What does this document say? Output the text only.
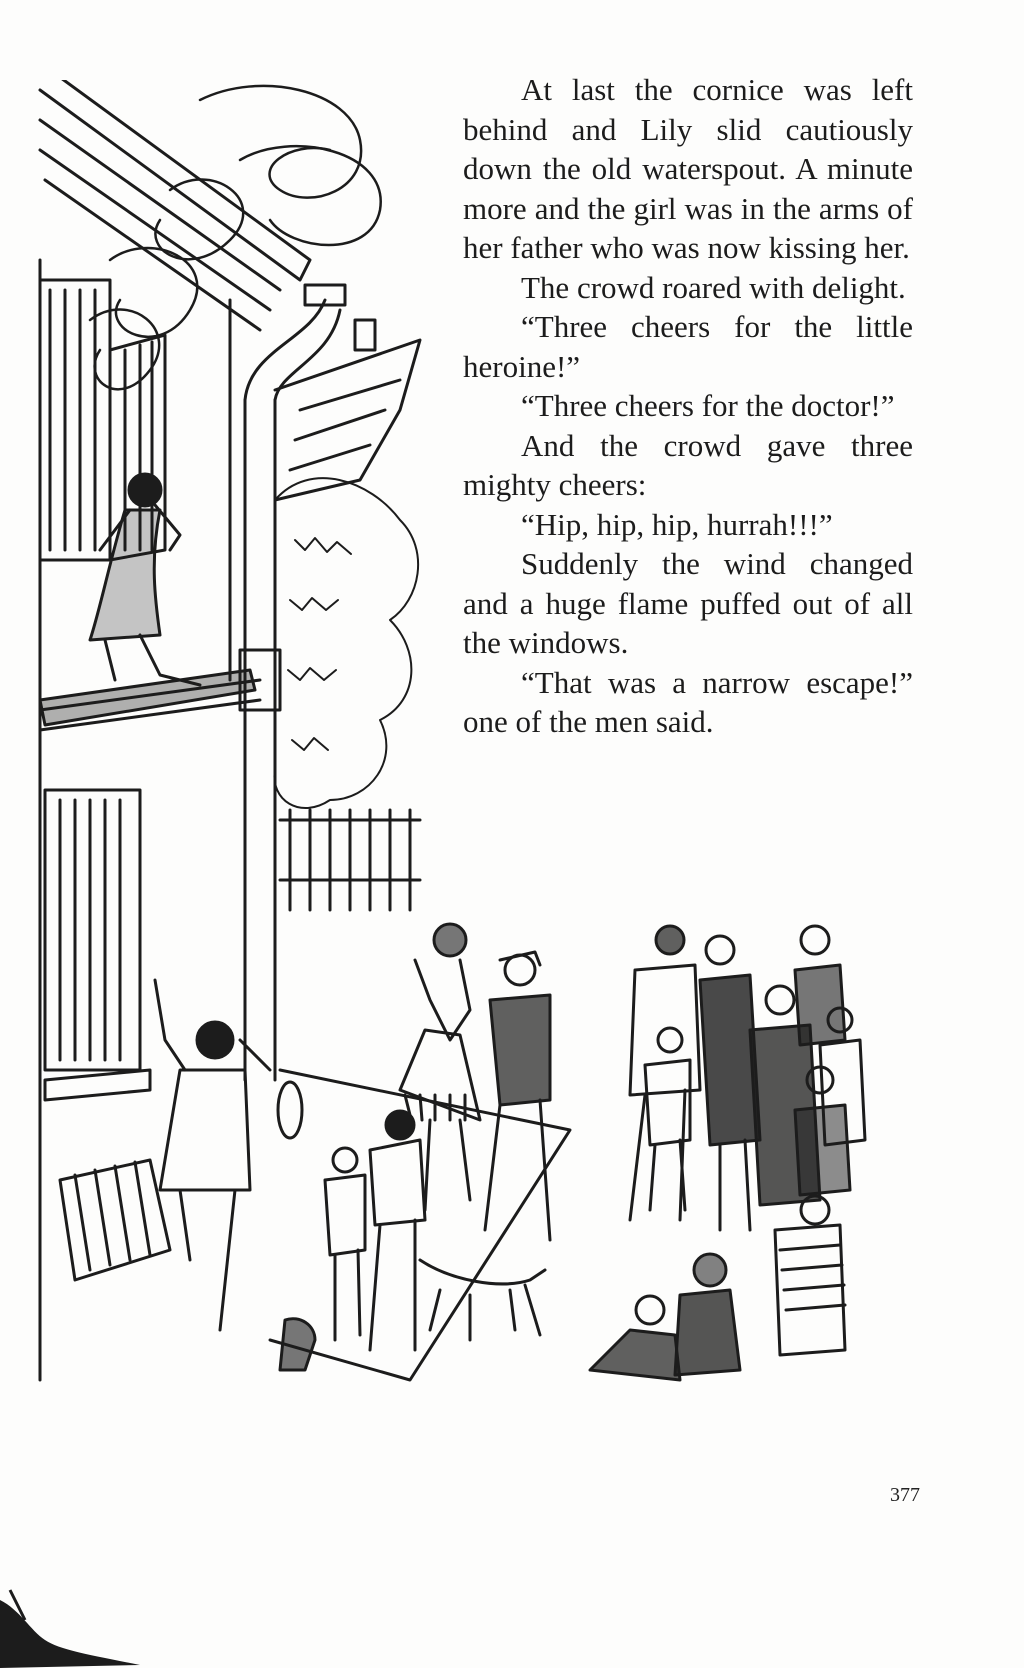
At last the cornice was left behind and Lily slid cautiously down the old waterspout. A minute more and the girl was in the arms of her father who was now kissing her.

The crowd roared with delight.

“Three cheers for the little heroine!”

“Three cheers for the doctor!”

And the crowd gave three mighty cheers:

“Hip, hip, hip, hurrah!!!”

Suddenly the wind changed and a huge flame puffed out of all the windows.

“That was a narrow escape!” one of the men said.

377
